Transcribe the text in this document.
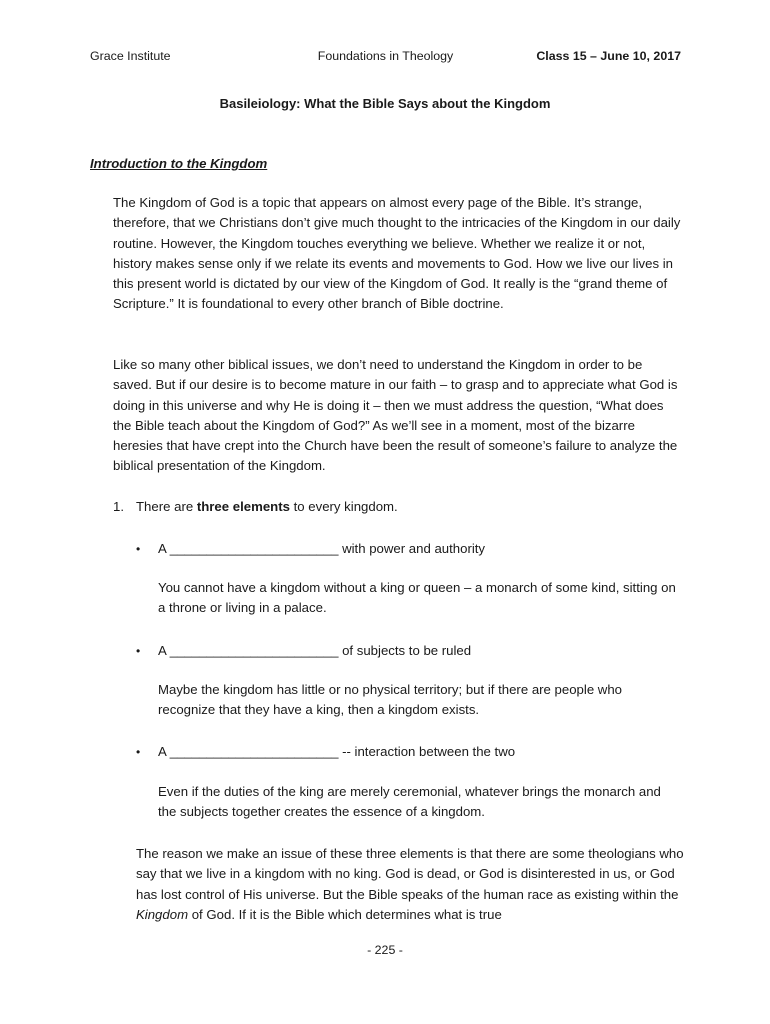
Grace Institute	Foundations in Theology	Class 15 – June 10, 2017
Basileiology: What the Bible Says about the Kingdom
Introduction to the Kingdom

The Kingdom of God is a topic that appears on almost every page of the Bible. It’s strange, therefore, that we Christians don’t give much thought to the intricacies of the Kingdom in our daily routine. However, the Kingdom touches everything we believe. Whether we realize it or not, history makes sense only if we relate its events and movements to God. How we live our lives in this present world is dictated by our view of the Kingdom of God. It really is the “grand theme of Scripture.” It is foundational to every other branch of Bible doctrine.

Like so many other biblical issues, we don’t need to understand the Kingdom in order to be saved. But if our desire is to become mature in our faith – to grasp and to appreciate what God is doing in this universe and why He is doing it – then we must address the question, “What does the Bible teach about the Kingdom of God?” As we’ll see in a moment, most of the bizarre heresies that have crept into the Church have been the result of someone’s failure to analyze the biblical presentation of the Kingdom.

1. There are three elements to every kingdom.
• A _______________________ with power and authority

You cannot have a kingdom without a king or queen – a monarch of some kind, sitting on a throne or living in a palace.

• A _______________________ of subjects to be ruled

Maybe the kingdom has little or no physical territory; but if there are people who recognize that they have a king, then a kingdom exists.

• A _______________________ -- interaction between the two

Even if the duties of the king are merely ceremonial, whatever brings the monarch and the subjects together creates the essence of a kingdom.

The reason we make an issue of these three elements is that there are some theologians who say that we live in a kingdom with no king. God is dead, or God is disinterested in us, or God has lost control of His universe. But the Bible speaks of the human race as existing within the Kingdom of God. If it is the Bible which determines what is true

- 225 -
